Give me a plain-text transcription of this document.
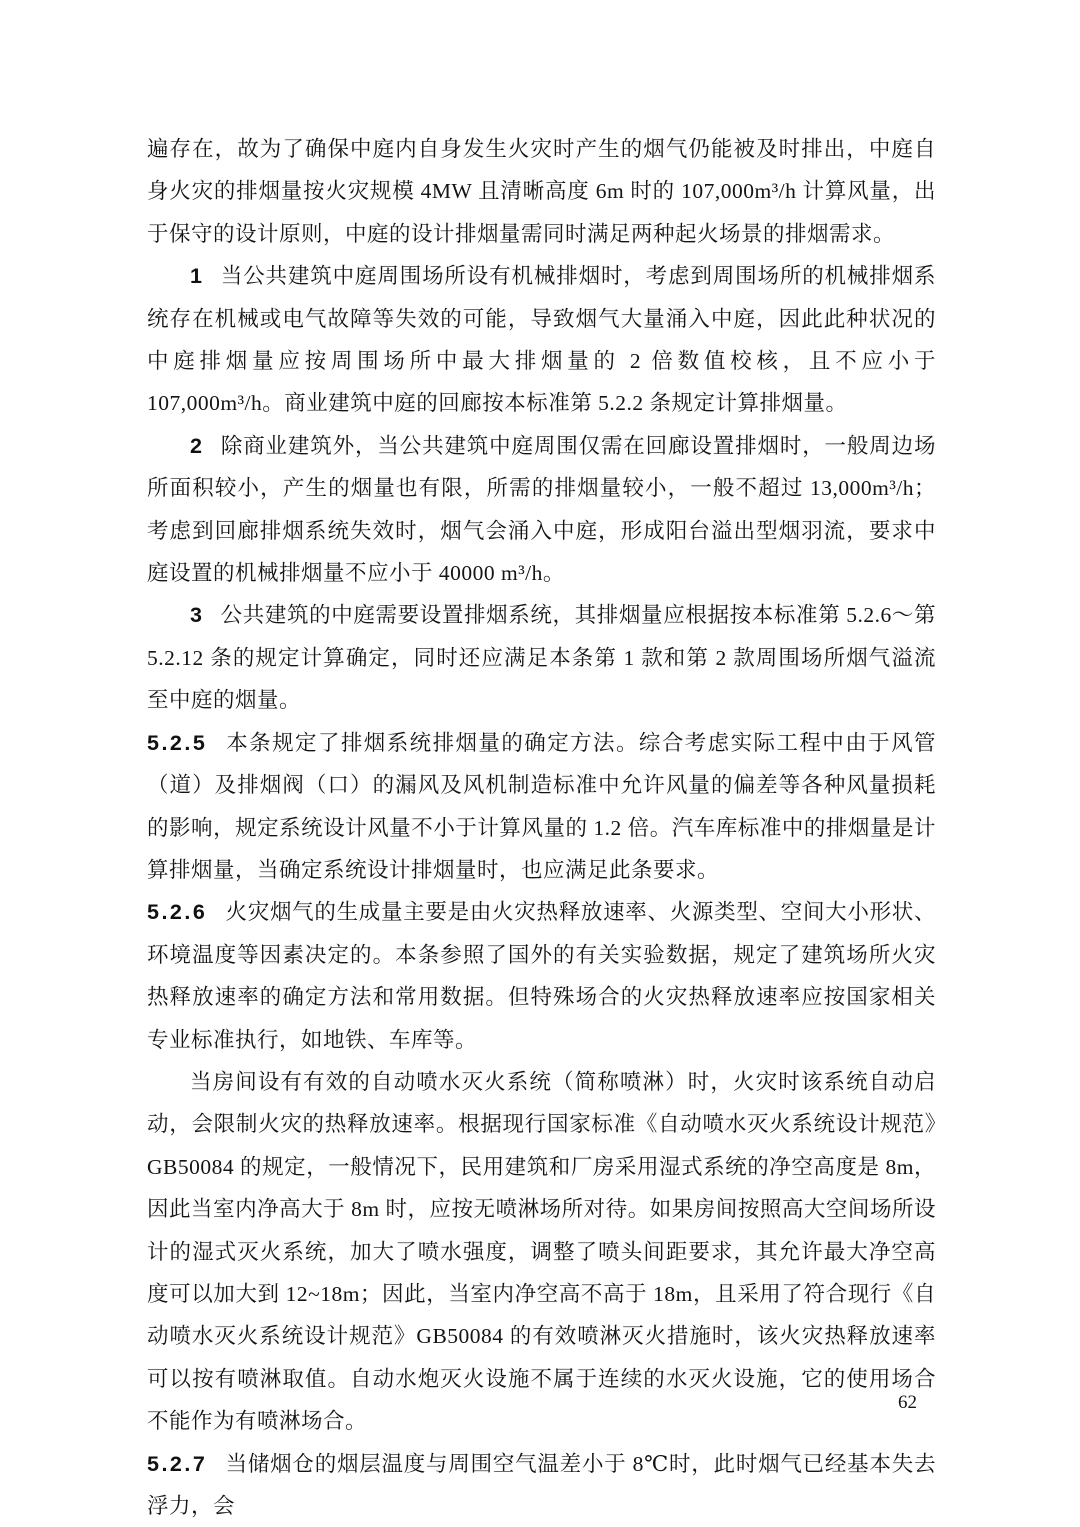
遍存在，故为了确保中庭内自身发生火灾时产生的烟气仍能被及时排出，中庭自身火灾的排烟量按火灾规模 4MW 且清晰高度 6m 时的 107,000m³/h 计算风量，出于保守的设计原则，中庭的设计排烟量需同时满足两种起火场景的排烟需求。

1 当公共建筑中庭周围场所设有机械排烟时，考虑到周围场所的机械排烟系统存在机械或电气故障等失效的可能，导致烟气大量涌入中庭，因此此种状况的中庭排烟量应按周围场所中最大排烟量的 2 倍数值校核，且不应小于 107,000m³/h。商业建筑中庭的回廊按本标准第 5.2.2 条规定计算排烟量。

2 除商业建筑外，当公共建筑中庭周围仅需在回廊设置排烟时，一般周边场所面积较小，产生的烟量也有限，所需的排烟量较小，一般不超过 13,000m³/h；考虑到回廊排烟系统失效时，烟气会涌入中庭，形成阳台溢出型烟羽流，要求中庭设置的机械排烟量不应小于 40000 m³/h。

3 公共建筑的中庭需要设置排烟系统，其排烟量应根据按本标准第 5.2.6～第 5.2.12 条的规定计算确定，同时还应满足本条第 1 款和第 2 款周围场所烟气溢流至中庭的烟量。

5.2.5 本条规定了排烟系统排烟量的确定方法。综合考虑实际工程中由于风管（道）及排烟阀（口）的漏风及风机制造标准中允许风量的偏差等各种风量损耗的影响，规定系统设计风量不小于计算风量的 1.2 倍。汽车库标准中的排烟量是计算排烟量，当确定系统设计排烟量时，也应满足此条要求。

5.2.6 火灾烟气的生成量主要是由火灾热释放速率、火源类型、空间大小形状、环境温度等因素决定的。本条参照了国外的有关实验数据，规定了建筑场所火灾热释放速率的确定方法和常用数据。但特殊场合的火灾热释放速率应按国家相关专业标准执行，如地铁、车库等。

当房间设有有效的自动喷水灭火系统（简称喷淋）时，火灾时该系统自动启动，会限制火灾的热释放速率。根据现行国家标准《自动喷水灭火系统设计规范》GB50084 的规定，一般情况下，民用建筑和厂房采用湿式系统的净空高度是 8m，因此当室内净高大于 8m 时，应按无喷淋场所对待。如果房间按照高大空间场所设计的湿式灭火系统，加大了喷水强度，调整了喷头间距要求，其允许最大净空高度可以加大到 12~18m；因此，当室内净空高不高于 18m，且采用了符合现行《自动喷水灭火系统设计规范》GB50084 的有效喷淋灭火措施时，该火灾热释放速率可以按有喷淋取值。自动水炮灭火设施不属于连续的水灭火设施，它的使用场合不能作为有喷淋场合。

5.2.7 当储烟仓的烟层温度与周围空气温差小于 8℃时，此时烟气已经基本失去浮力，会

62
